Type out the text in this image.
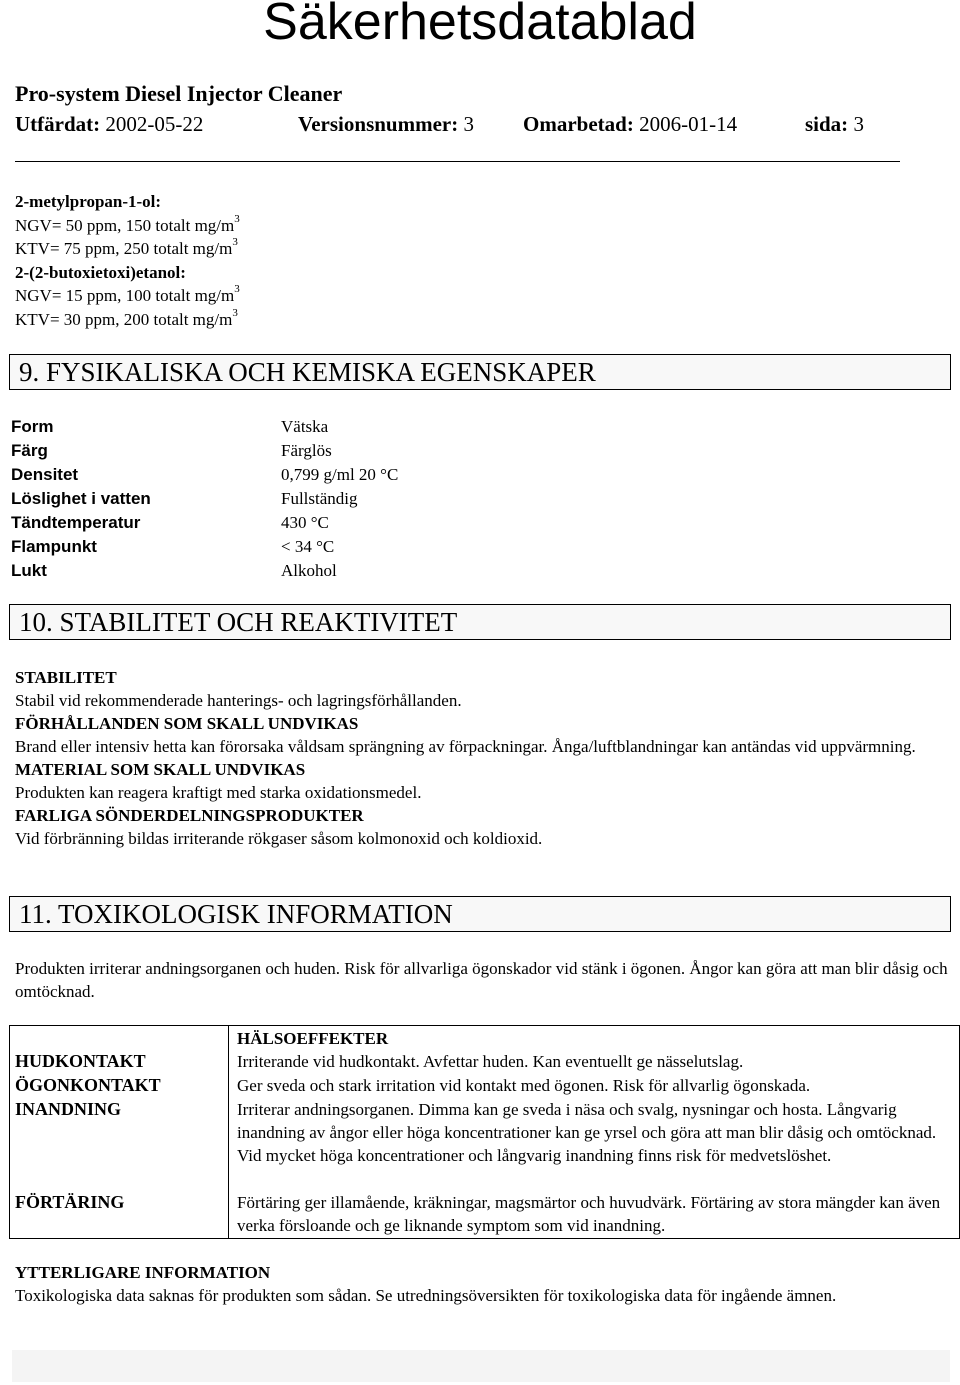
Säkerhetsdatablad
Pro-system Diesel Injector Cleaner
Utfärdat: 2002-05-22	Versionsnummer: 3 Omarbetad: 2006-01-14	sida: 3
2-metylpropan-1-ol:
NGV= 50 ppm, 150 totalt $mg/m^3$
KTV= 75 ppm, 250 totalt $mg/m^3$
2-(2-butoxietoxi)etanol:
NGV= 15 ppm, 100 totalt $mg/m^3$
KTV= 30 ppm, 200 totalt $mg/m^3$
9. FYSIKALISKA OCH KEMISKA EGENSKAPER
Form	Vätska
Färg	Färglös
Densitet	0,799 g/ml 20 °C
Löslighet i vatten	Fullständig
Tändtemperatur	430 °C
Flampunkt	< 34 °C
Lukt	Alkohol
10. STABILITET OCH REAKTIVITET
STABILITET
Stabil vid rekommenderade hanterings- och lagringsförhållanden.
FÖRHÅLLANDEN SOM SKALL UNDVIKAS
Brand eller intensiv hetta kan förorsaka våldsam sprängning av förpackningar. Ånga/luftblandningar kan antändas vid uppvärmning.
MATERIAL SOM SKALL UNDVIKAS
Produkten kan reagera kraftigt med starka oxidationsmedel.
FARLIGA SÖNDERDELNINGSPRODUKTER
Vid förbränning bildas irriterande rökgaser såsom kolmonoxid och koldioxid.
11. TOXIKOLOGISK INFORMATION
Produkten irriterar andningsorganen och huden. Risk för allvarliga ögonskador vid stänk i ögonen. Ångor kan göra att man blir dåsig och omtöcknad.
HÄLSOEFFEKTER
HUDKONTAKT	Irriterande vid hudkontakt. Avfettar huden. Kan eventuellt ge nässelutslag.
ÖGONKONTAKT	Ger sveda och stark irritation vid kontakt med ögonen. Risk för allvarlig ögonskada.
INANDNING	Irriterar andningsorganen. Dimma kan ge sveda i näsa och svalg, nysningar och hosta. Långvarig inandning av ångor eller höga koncentrationer kan ge yrsel och göra att man blir dåsig och omtöcknad. Vid mycket höga koncentrationer och långvarig inandning finns risk för medvetslöshet.
FÖRTÄRING	Förtäring ger illamående, kräkningar, magsmärtor och huvudvärk. Förtäring av stora mängder kan även verka försloande och ge liknande symptom som vid inandning.
YTTERLIGARE INFORMATION
Toxikologiska data saknas för produkten som sådan. Se utredningsöversikten för toxikologiska data för ingående ämnen.
